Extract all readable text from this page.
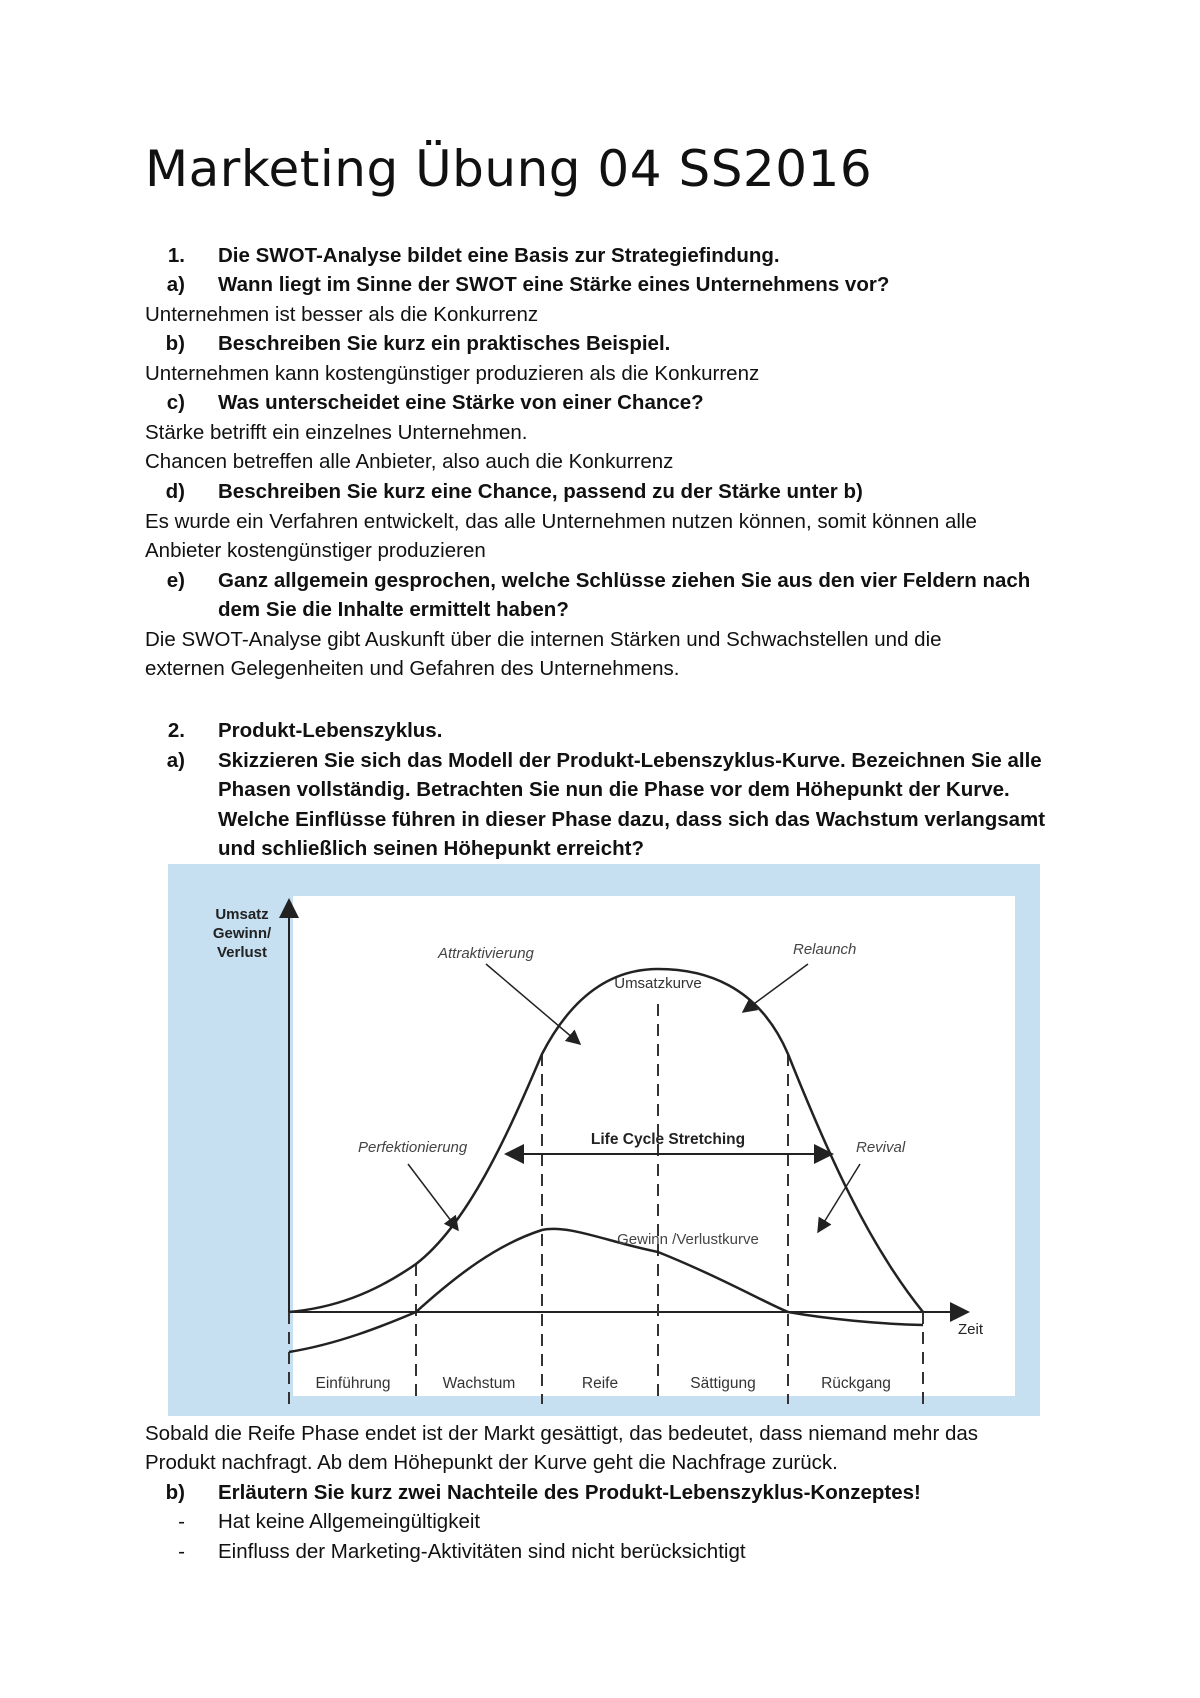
Marketing Übung 04 SS2016
1. Die SWOT-Analyse bildet eine Basis zur Strategiefindung.
a) Wann liegt im Sinne der SWOT eine Stärke eines Unternehmens vor?
Unternehmen ist besser als die Konkurrenz
b) Beschreiben Sie kurz ein praktisches Beispiel.
Unternehmen kann kostengünstiger produzieren als die Konkurrenz
c) Was unterscheidet eine Stärke von einer Chance?
Stärke betrifft ein einzelnes Unternehmen.
Chancen betreffen alle Anbieter, also auch die Konkurrenz
d) Beschreiben Sie kurz eine Chance, passend zu der Stärke unter b)
Es wurde ein Verfahren entwickelt, das alle Unternehmen nutzen können, somit können alle
Anbieter kostengünstiger produzieren
e) Ganz allgemein gesprochen, welche Schlüsse ziehen Sie aus den vier Feldern nach
dem Sie die Inhalte ermittelt haben?
Die SWOT-Analyse gibt Auskunft über die internen Stärken und Schwachstellen und die
externen Gelegenheiten und Gefahren des Unternehmens.
2. Produkt-Lebenszyklus.
a) Skizzieren Sie sich das Modell der Produkt-Lebenszyklus-Kurve. Bezeichnen Sie alle
Phasen vollständig. Betrachten Sie nun die Phase vor dem Höhepunkt der Kurve.
Welche Einflüsse führen in dieser Phase dazu, dass sich das Wachstum verlangsamt
und schließlich seinen Höhepunkt erreicht?
Umsatz
Gewinn/
Verlust
Zeit
Attraktivierung	Relaunch
Perfektionierung	Revival
Life Cycle Stretching
Umsatzkurve
Gewinn /Verlustkurve
Einführung	Wachstum	Reife	Sättigung	Rückgang
Sobald die Reife Phase endet ist der Markt gesättigt, das bedeutet, dass niemand mehr das
Produkt nachfragt. Ab dem Höhepunkt der Kurve geht die Nachfrage zurück.
b) Erläutern Sie kurz zwei Nachteile des Produkt-Lebenszyklus-Konzeptes!
- Hat keine Allgemeingültigkeit
- Einfluss der Marketing-Aktivitäten sind nicht berücksichtigt
